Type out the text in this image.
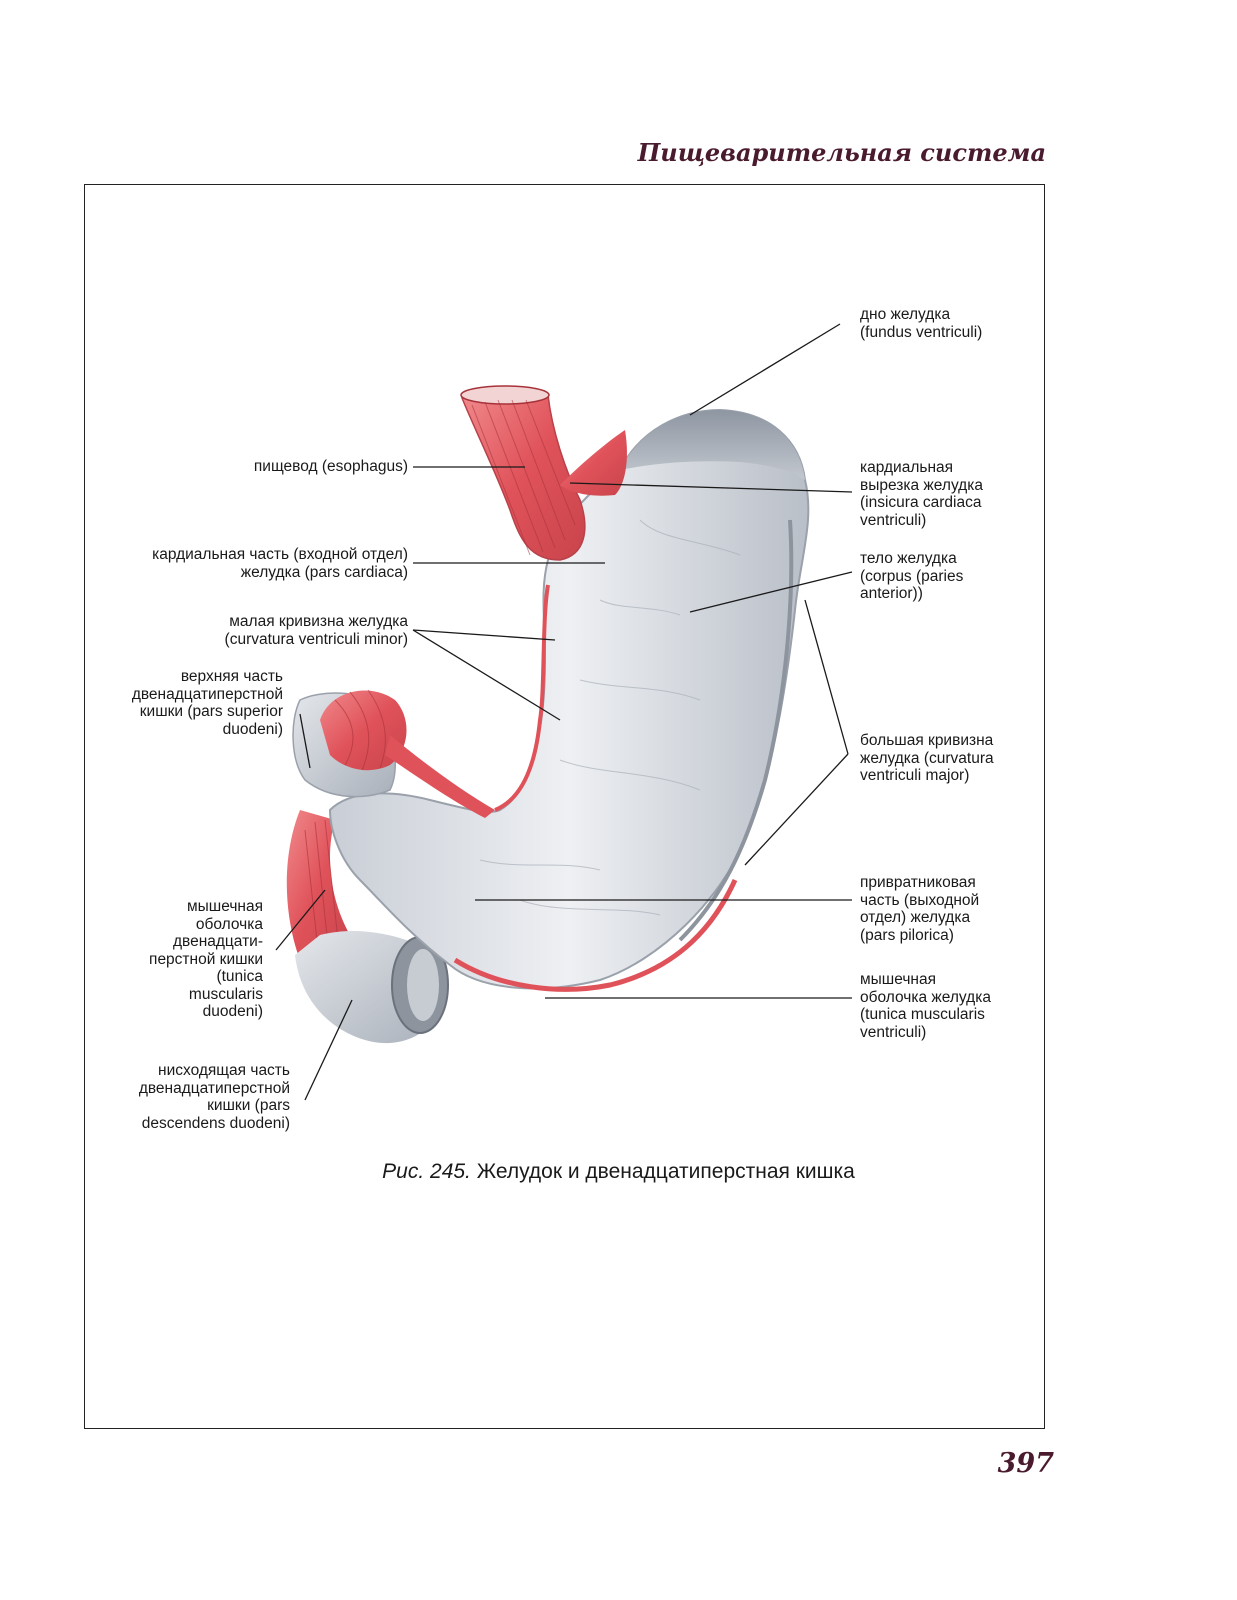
Пищеварительная система
дно желудка
(fundus ventriculi)
пищевод (esophagus)	кардиальная
вырезка желудка
(insicura cardiaca
ventriculi)
кардиальная часть (входной отдел)
желудка (pars cardiaca)
тело желудка
(corpus (paries
anterior))
малая кривизна желудка
(curvatura ventriculi minor)
верхняя часть
двенадцатиперстной
кишки (pars superior
duodeni)
большая кривизна
желудка (curvatura
ventriculi major)
мышечная
оболочка
двенадцати-
перстной кишки
(tunica
muscularis
duodeni)
привратниковая
часть (выходной
отдел) желудка
(pars pilorica)
мышечная
оболочка желудка
(tunica muscularis
ventriculi)
нисходящая часть
двенадцатиперстной
кишки (pars
descendens duodeni)
Рис. 245. Желудок и двенадцатиперстная кишка
397
